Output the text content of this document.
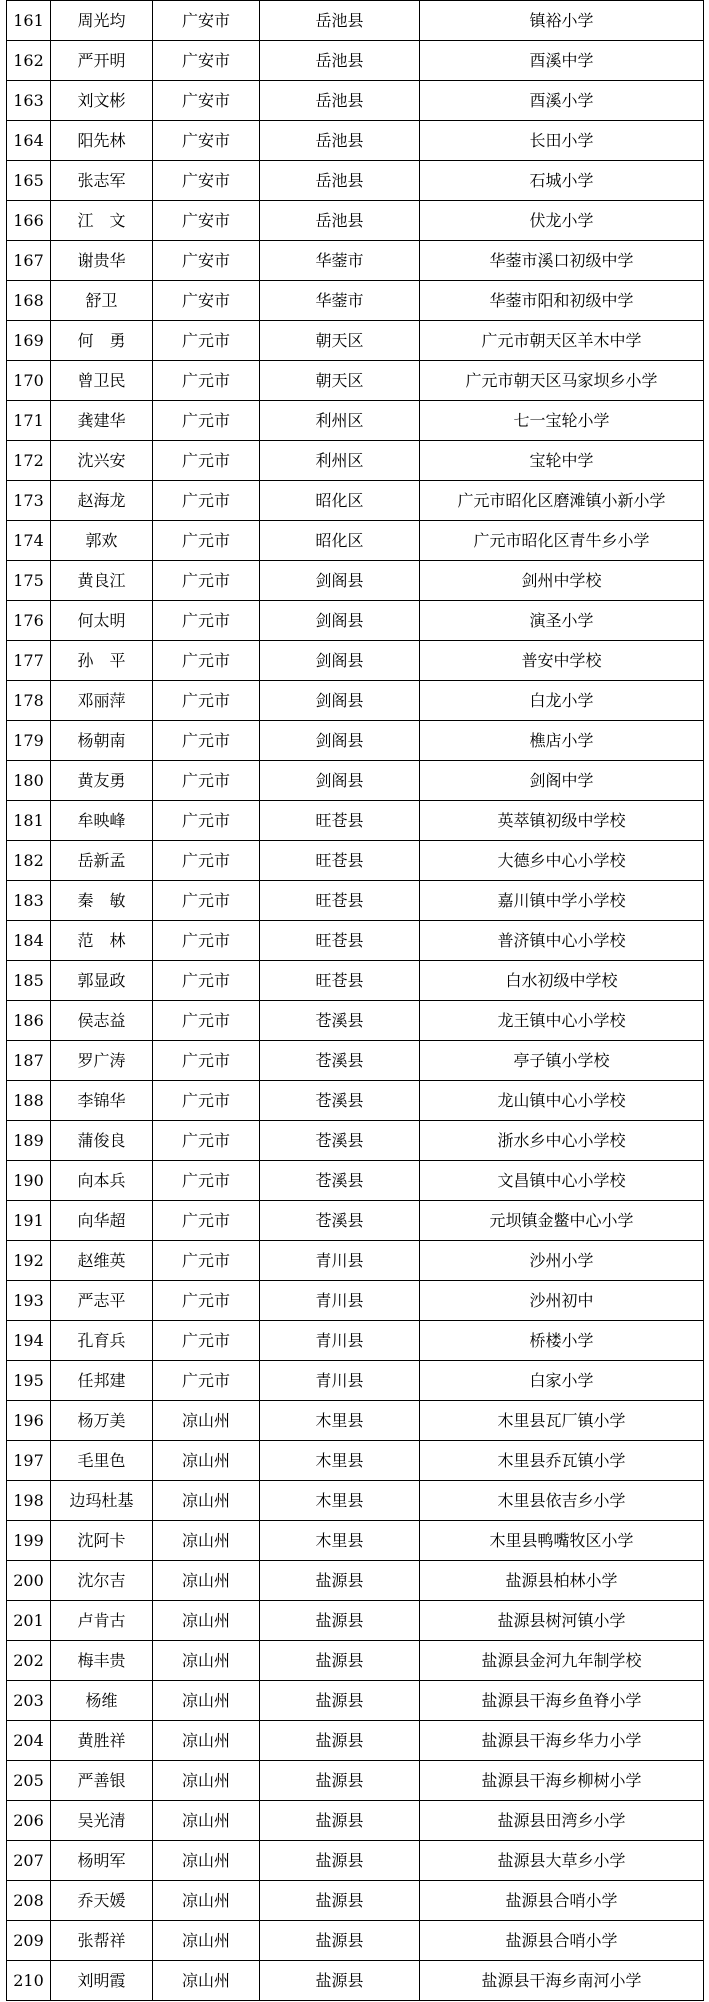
161	周光均	广安市	岳池县	镇裕小学
162	严开明	广安市	岳池县	酉溪中学
163	刘文彬	广安市	岳池县	酉溪小学
164	阳先林	广安市	岳池县	长田小学
165	张志军	广安市	岳池县	石城小学
166	江　文	广安市	岳池县	伏龙小学
167	谢贵华	广安市	华蓥市	华蓥市溪口初级中学
168	舒卫	广安市	华蓥市	华蓥市阳和初级中学
169	何　勇	广元市	朝天区	广元市朝天区羊木中学
170	曾卫民	广元市	朝天区	广元市朝天区马家坝乡小学
171	龚建华	广元市	利州区	七一宝轮小学
172	沈兴安	广元市	利州区	宝轮中学
173	赵海龙	广元市	昭化区	广元市昭化区磨滩镇小新小学
174	郭欢	广元市	昭化区	广元市昭化区青牛乡小学
175	黄良江	广元市	剑阁县	剑州中学校
176	何太明	广元市	剑阁县	演圣小学
177	孙　平	广元市	剑阁县	普安中学校
178	邓丽萍	广元市	剑阁县	白龙小学
179	杨朝南	广元市	剑阁县	樵店小学
180	黄友勇	广元市	剑阁县	剑阁中学
181	牟映峰	广元市	旺苍县	英萃镇初级中学校
182	岳新孟	广元市	旺苍县	大德乡中心小学校
183	秦　敏	广元市	旺苍县	嘉川镇中学小学校
184	范　林	广元市	旺苍县	普济镇中心小学校
185	郭显政	广元市	旺苍县	白水初级中学校
186	侯志益	广元市	苍溪县	龙王镇中心小学校
187	罗广涛	广元市	苍溪县	亭子镇小学校
188	李锦华	广元市	苍溪县	龙山镇中心小学校
189	蒲俊良	广元市	苍溪县	浙水乡中心小学校
190	向本兵	广元市	苍溪县	文昌镇中心小学校
191	向华超	广元市	苍溪县	元坝镇金鳖中心小学
192	赵维英	广元市	青川县	沙州小学
193	严志平	广元市	青川县	沙州初中
194	孔育兵	广元市	青川县	桥楼小学
195	任邦建	广元市	青川县	白家小学
196	杨万美	凉山州	木里县	木里县瓦厂镇小学
197	毛里色	凉山州	木里县	木里县乔瓦镇小学
198	边玛杜基	凉山州	木里县	木里县依吉乡小学
199	沈阿卡	凉山州	木里县	木里县鸭嘴牧区小学
200	沈尔吉	凉山州	盐源县	盐源县柏林小学
201	卢肯古	凉山州	盐源县	盐源县树河镇小学
202	梅丰贵	凉山州	盐源县	盐源县金河九年制学校
203	杨维	凉山州	盐源县	盐源县干海乡鱼脊小学
204	黄胜祥	凉山州	盐源县	盐源县干海乡华力小学
205	严善银	凉山州	盐源县	盐源县干海乡柳树小学
206	吴光清	凉山州	盐源县	盐源县田湾乡小学
207	杨明军	凉山州	盐源县	盐源县大草乡小学
208	乔天媛	凉山州	盐源县	盐源县合哨小学
209	张帮祥	凉山州	盐源县	盐源县合哨小学
210	刘明霞	凉山州	盐源县	盐源县干海乡南河小学
